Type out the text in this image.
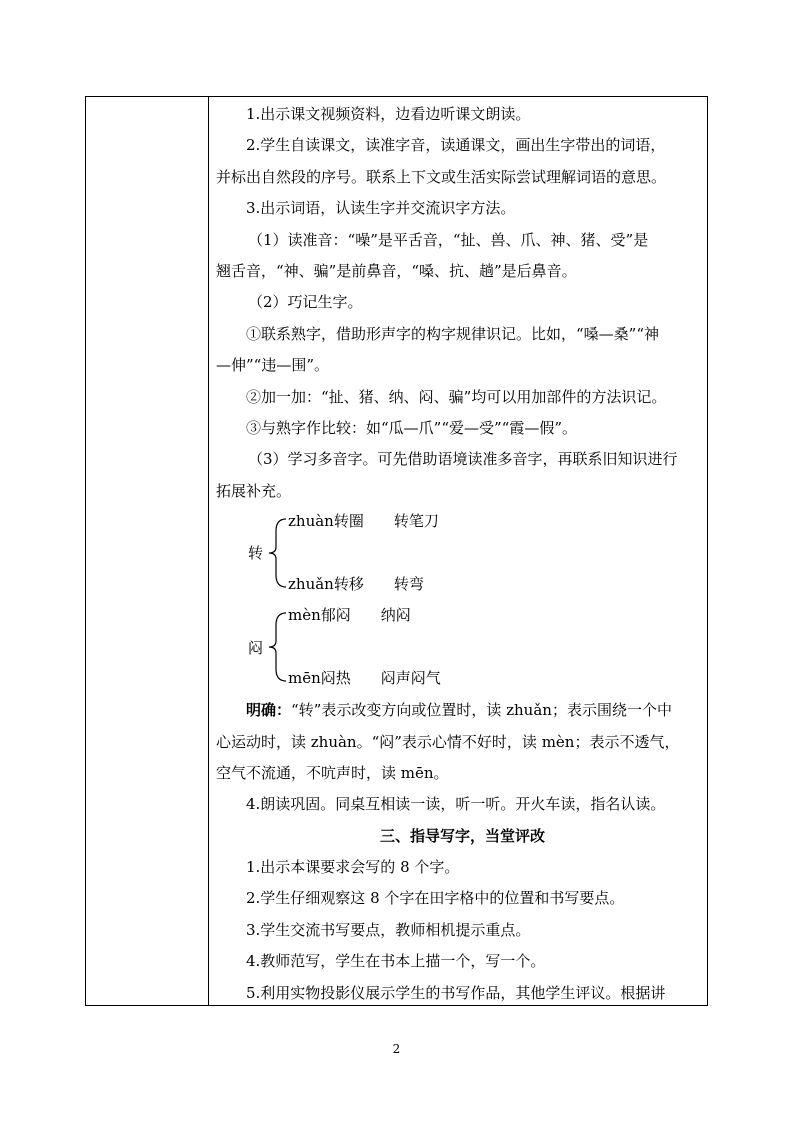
1.出示课文视频资料，边看边听课文朗读。
2.学生自读课文，读准字音，读通课文，画出生字带出的词语，
并标出自然段的序号。联系上下文或生活实际尝试理解词语的意思。
3.出示词语，认读生字并交流识字方法。
（1）读准音：“噪”是平舌音，“扯、兽、爪、神、猪、受”是
翘舌音，“神、骗”是前鼻音，“嗓、抗、趟”是后鼻音。
（2）巧记生字。
①联系熟字，借助形声字的构字规律识记。比如，“嗓—桑”“神
—伸”“违—围”。
②加一加：“扯、猪、纳、闷、骗”均可以用加部件的方法识记。
③与熟字作比较：如“瓜—爪”“爱—受”“霞—假”。
（3）学习多音字。可先借助语境读准多音字，再联系旧知识进行
拓展补充。
转
zhuàn转圈　　转笔刀
zhuǎn转移　　转弯
闷
mèn郁闷　　纳闷
mēn闷热　　闷声闷气
明确：“转”表示改变方向或位置时，读 zhuǎn；表示围绕一个中
心运动时，读 zhuàn。“闷”表示心情不好时，读 mèn；表示不透气，
空气不流通，不吭声时，读 mēn。
4.朗读巩固。同桌互相读一读，听一听。开火车读，指名认读。
三、指导写字，当堂评改
1.出示本课要求会写的 8 个字。
2.学生仔细观察这 8 个字在田字格中的位置和书写要点。
3.学生交流书写要点，教师相机提示重点。
4.教师范写，学生在书本上描一个，写一个。
5.利用实物投影仪展示学生的书写作品，其他学生评议。根据讲
2
